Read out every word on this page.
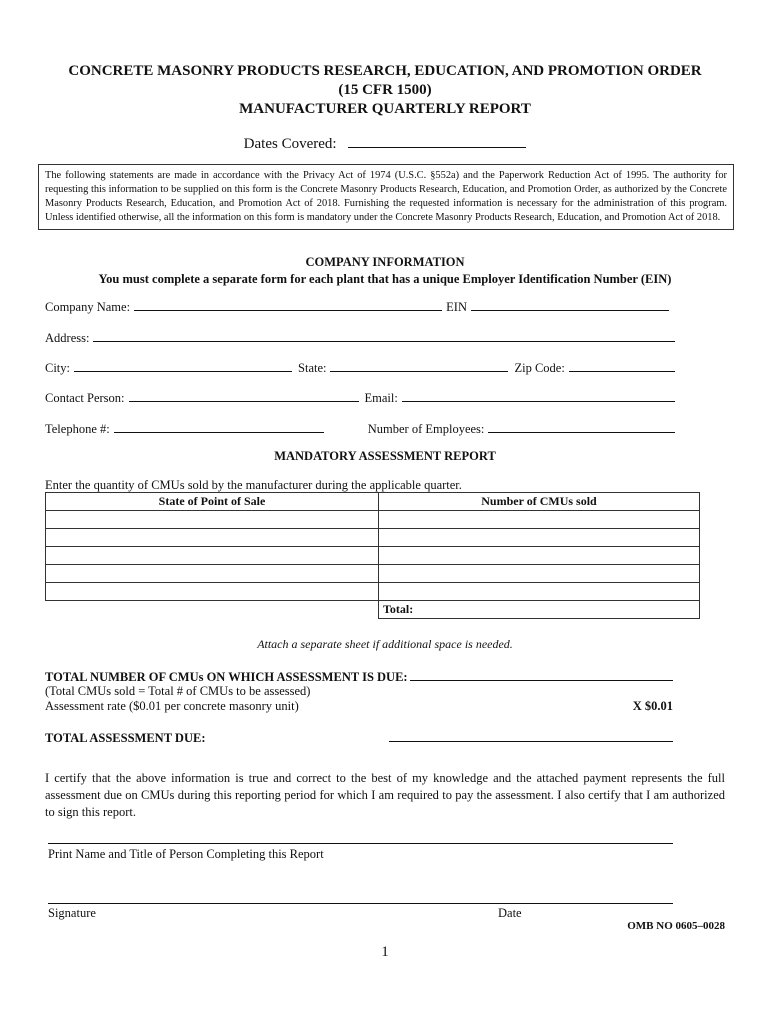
CONCRETE MASONRY PRODUCTS RESEARCH, EDUCATION, AND PROMOTION ORDER
(15 CFR 1500)
MANUFACTURER QUARTERLY REPORT
Dates Covered:
The following statements are made in accordance with the Privacy Act of 1974 (U.S.C. §552a) and the Paperwork Reduction Act of 1995. The authority for requesting this information to be supplied on this form is the Concrete Masonry Products Research, Education, and Promotion Order, as authorized by the Concrete Masonry Products Research, Education, and Promotion Act of 2018. Furnishing the requested information is necessary for the administration of this program. Unless identified otherwise, all the information on this form is mandatory under the Concrete Masonry Products Research, Education, and Promotion Act of 2018.
COMPANY INFORMATION
You must complete a separate form for each plant that has a unique Employer Identification Number (EIN)
Company Name:	EIN
Address:
City:	State:	Zip Code:
Contact Person:	Email:
Telephone #:	Number of Employees:
MANDATORY ASSESSMENT REPORT
Enter the quantity of CMUs sold by the manufacturer during the applicable quarter.
State of Point of Sale	Number of CMUs sold

	Total:
Attach a separate sheet if additional space is needed.
TOTAL NUMBER OF CMUs ON WHICH ASSESSMENT IS DUE :
(Total CMUs sold = Total # of CMUs to be assessed)
Assessment rate ($0.01 per concrete masonry unit)	X $0.01
TOTAL ASSESSMENT DUE:
I certify that the above information is true and correct to the best of my knowledge and the attached payment represents the full assessment due on CMUs during this reporting period for which I am required to pay the assessment. I also certify that I am authorized to sign this report.
Print Name and Title of Person Completing this Report
Signature	Date
OMB NO 0605–0028
1
